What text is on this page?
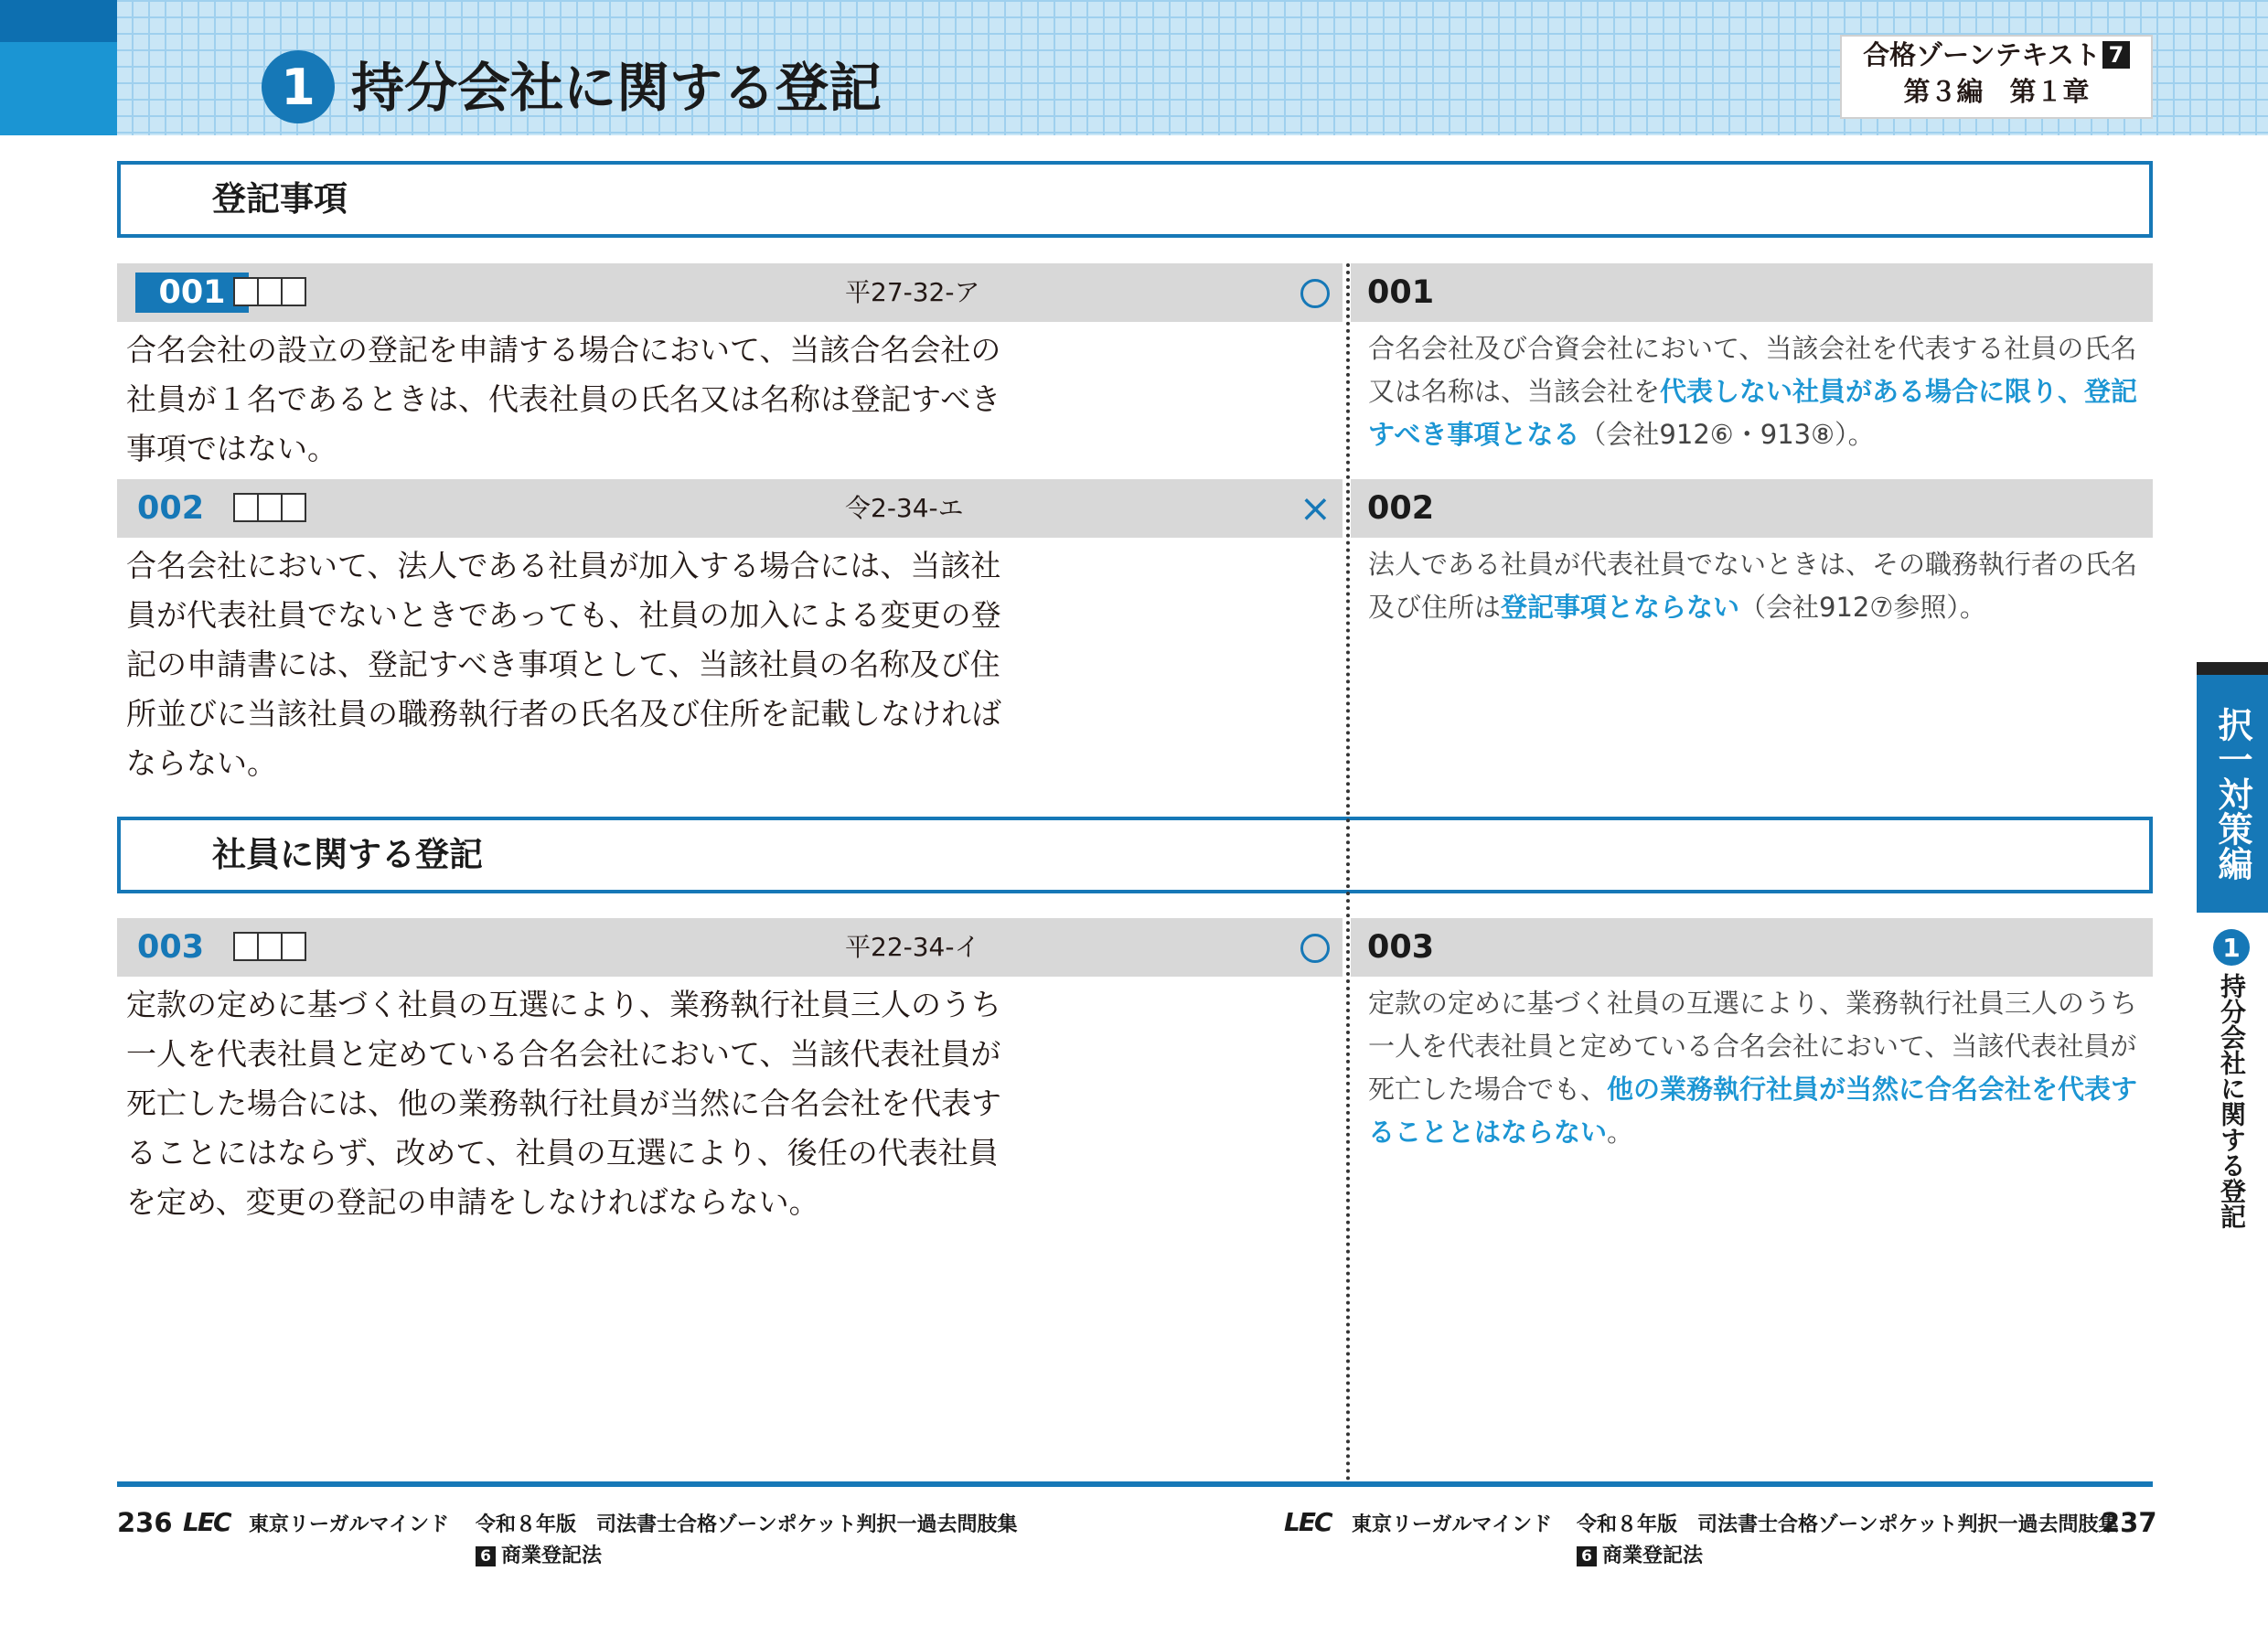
1 持分会社に関する登記
合格ゾーンテキスト 7
第３編　第１章
登記事項
001	平27-32-ア	001
合名会社の設立の登記を申請する場合において、当該合名会社の社員が１名であるときは、代表社員の氏名又は名称は登記すべき事項ではない。
合名会社及び合資会社において、当該会社を代表する社員の氏名又は名称は、当該会社を代表しない社員がある場合に限り、登記すべき事項となる（会社912⑥・913⑧）。
002	令2-34-エ	× 002
合名会社において、法人である社員が加入する場合には、当該社員が代表社員でないときであっても、社員の加入による変更の登記の申請書には、登記すべき事項として、当該社員の名称及び住所並びに当該社員の職務執行者の氏名及び住所を記載しなければならない。
法人である社員が代表社員でないときは、その職務執行者の氏名及び住所は登記事項とならない（会社912⑦参照）。
社員に関する登記
003	平22-34-イ	003
定款の定めに基づく社員の互選により、業務執行社員三人のうち一人を代表社員と定めている合名会社において、当該代表社員が死亡した場合には、他の業務執行社員が当然に合名会社を代表することにはならず、改めて、社員の互選により、後任の代表社員を定め、変更の登記の申請をしなければならない。
定款の定めに基づく社員の互選により、業務執行社員三人のうち一人を代表社員と定めている合名会社において、当該代表社員が死亡した場合でも、他の業務執行社員が当然に合名会社を代表することとはならない。
択一対策編
1
持分会社に関する登記
236 LEC 東京リーガルマインド 令和８年版　司法書士合格ゾーンポケット判択一過去問肢集
6 商業登記法
LEC 東京リーガルマインド 令和８年版　司法書士合格ゾーンポケット判択一過去問肢集
6 商業登記法
237
